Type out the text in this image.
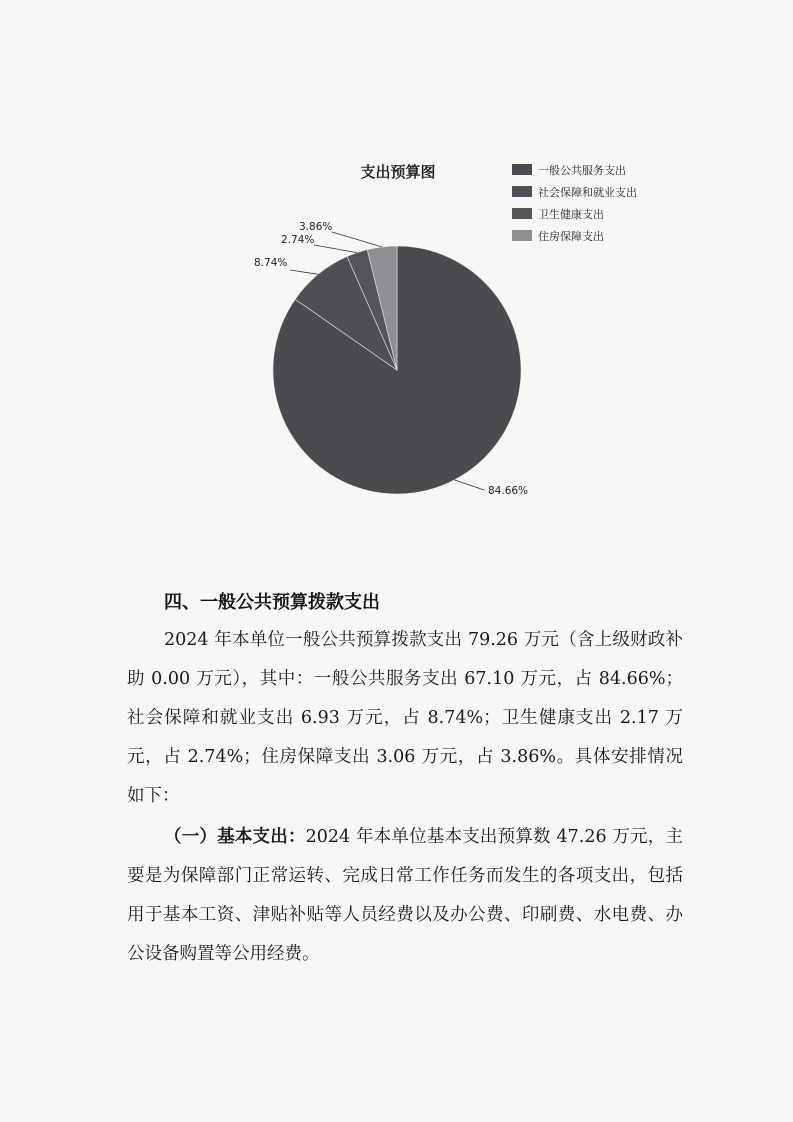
支出预算图
84.66%
8.74%
2.74%
3.86%
一般公共服务支出
社会保障和就业支出
卫生健康支出
住房保障支出
四、一般公共预算拨款支出

2024 年本单位一般公共预算拨款支出 79.26 万元（含上级财政补助 0.00 万元），其中：一般公共服务支出 67.10 万元，占 84.66%；社会保障和就业支出 6.93 万元，占 8.74%；卫生健康支出 2.17 万元，占 2.74%；住房保障支出 3.06 万元，占 3.86%。具体安排情况如下：

（一）基本支出：2024 年本单位基本支出预算数 47.26 万元，主要是为保障部门正常运转、完成日常工作任务而发生的各项支出，包括用于基本工资、津贴补贴等人员经费以及办公费、印刷费、水电费、办公设备购置等公用经费。
